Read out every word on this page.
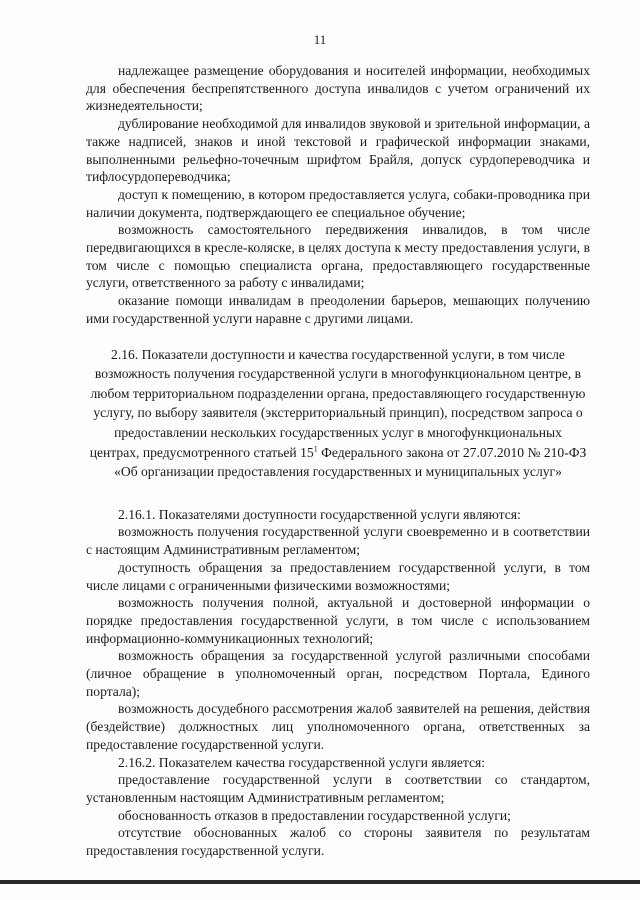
11

надлежащее размещение оборудования и носителей информации, необходимых для обеспечения беспрепятственного доступа инвалидов с учетом ограничений их жизнедеятельности;

дублирование необходимой для инвалидов звуковой и зрительной информации, а также надписей, знаков и иной текстовой и графической информации знаками, выполненными рельефно-точечным шрифтом Брайля, допуск сурдопереводчика и тифлосурдопереводчика;

доступ к помещению, в котором предоставляется услуга, собаки-проводника при наличии документа, подтверждающего ее специальное обучение;

возможность самостоятельного передвижения инвалидов, в том числе передвигающихся в кресле-коляске, в целях доступа к месту предоставления услуги, в том числе с помощью специалиста органа, предоставляющего государственные услуги, ответственного за работу с инвалидами;

оказание помощи инвалидам в преодолении барьеров, мешающих получению ими государственной услуги наравне с другими лицами.

2.16. Показатели доступности и качества государственной услуги, в том числе возможность получения государственной услуги в многофункциональном центре, в любом территориальном подразделении органа, предоставляющего государственную услугу, по выбору заявителя (экстерриториальный принцип), посредством запроса о предоставлении нескольких государственных услуг в многофункциональных центрах, предусмотренного статьей $15^1$ Федерального закона от 27.07.2010 № 210-ФЗ «Об организации предоставления государственных и муниципальных услуг»

2.16.1. Показателями доступности государственной услуги являются:

возможность получения государственной услуги своевременно и в соответствии с настоящим Административным регламентом;

доступность обращения за предоставлением государственной услуги, в том числе лицами с ограниченными физическими возможностями;

возможность получения полной, актуальной и достоверной информации о порядке предоставления государственной услуги, в том числе с использованием информационно-коммуникационных технологий;

возможность обращения за государственной услугой различными способами (личное обращение в уполномоченный орган, посредством Портала, Единого портала);

возможность досудебного рассмотрения жалоб заявителей на решения, действия (бездействие) должностных лиц уполномоченного органа, ответственных за предоставление государственной услуги.

2.16.2. Показателем качества государственной услуги является:

предоставление государственной услуги в соответствии со стандартом, установленным настоящим Административным регламентом;

обоснованность отказов в предоставлении государственной услуги;

отсутствие обоснованных жалоб со стороны заявителя по результатам предоставления государственной услуги.
